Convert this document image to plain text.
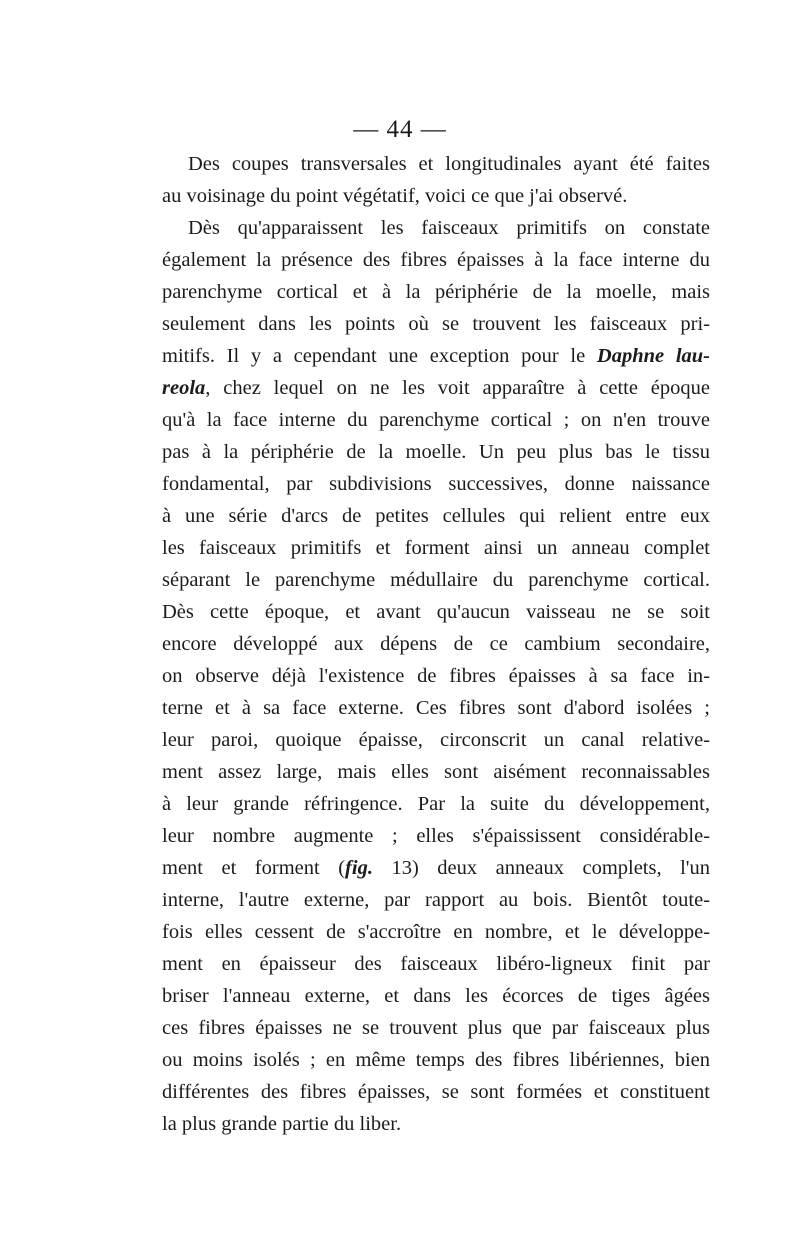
— 44 —
Des coupes transversales et longitudinales ayant été faites
au voisinage du point végétatif, voici ce que j'ai observé.
Dès qu'apparaissent les faisceaux primitifs on constate
également la présence des fibres épaisses à la face interne du
parenchyme cortical et à la périphérie de la moelle, mais
seulement dans les points où se trouvent les faisceaux pri-
mitifs. Il y a cependant une exception pour le Daphne lau-
reola, chez lequel on ne les voit apparaître à cette époque
qu'à la face interne du parenchyme cortical ; on n'en trouve
pas à la périphérie de la moelle. Un peu plus bas le tissu
fondamental, par subdivisions successives, donne naissance
à une série d'arcs de petites cellules qui relient entre eux
les faisceaux primitifs et forment ainsi un anneau complet
séparant le parenchyme médullaire du parenchyme cortical.
Dès cette époque, et avant qu'aucun vaisseau ne se soit
encore développé aux dépens de ce cambium secondaire,
on observe déjà l'existence de fibres épaisses à sa face in-
terne et à sa face externe. Ces fibres sont d'abord isolées ;
leur paroi, quoique épaisse, circonscrit un canal relative-
ment assez large, mais elles sont aisément reconnaissables
à leur grande réfringence. Par la suite du développement,
leur nombre augmente ; elles s'épaississent considérable-
ment et forment (fig. 13) deux anneaux complets, l'un
interne, l'autre externe, par rapport au bois. Bientôt toute-
fois elles cessent de s'accroître en nombre, et le développe-
ment en épaisseur des faisceaux libéro-ligneux finit par
briser l'anneau externe, et dans les écorces de tiges âgées
ces fibres épaisses ne se trouvent plus que par faisceaux plus
ou moins isolés ; en même temps des fibres libériennes, bien
différentes des fibres épaisses, se sont formées et constituent
la plus grande partie du liber.
